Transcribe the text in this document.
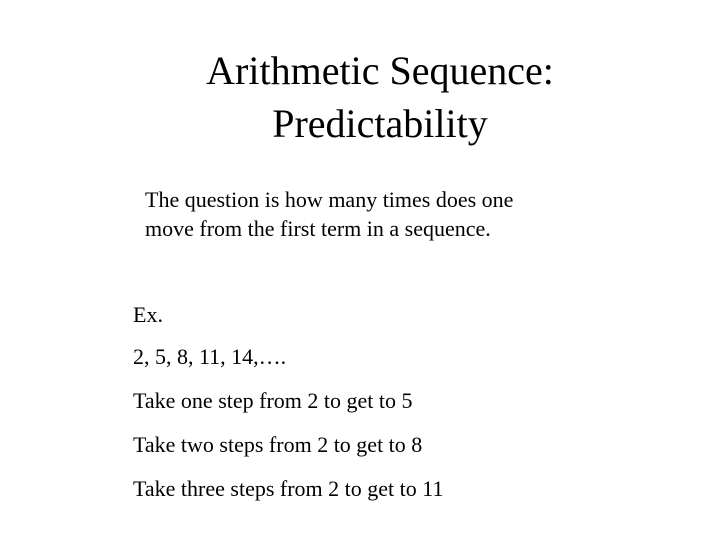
Arithmetic Sequence:
Predictability
The question is how many times does one
move from the first term in a sequence.
Ex.
2, 5, 8, 11, 14,….
Take one step from 2 to get to 5
Take two steps from 2 to get to 8
Take three steps from 2 to get to 11
